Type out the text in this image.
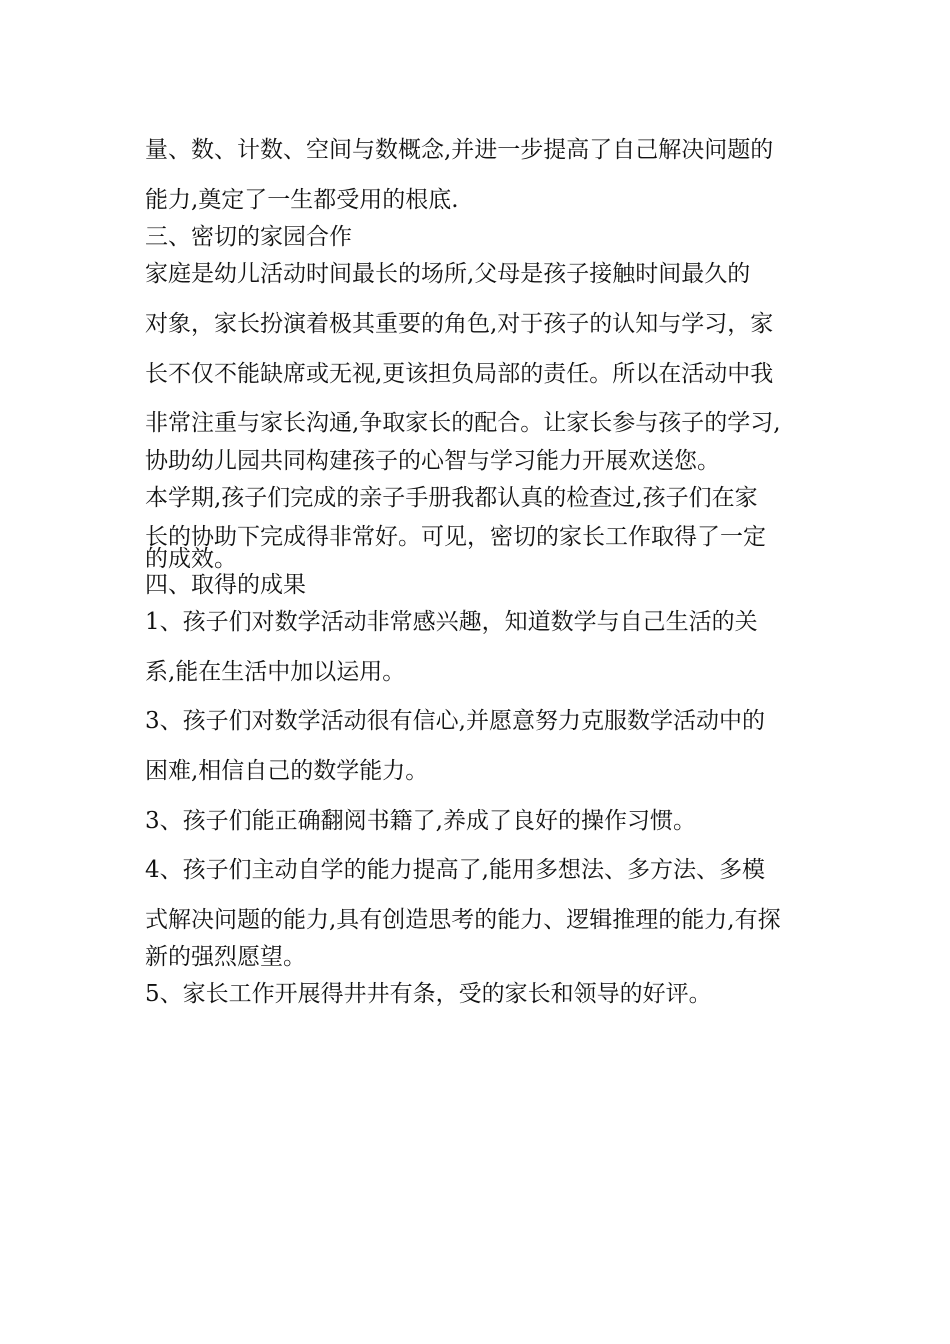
量、数、计数、空间与数概念,并进一步提高了自己解决问题的

能力,奠定了一生都受用的根底.

三、密切的家园合作

家庭是幼儿活动时间最长的场所,父母是孩子接触时间最久的

对象，家长扮演着极其重要的角色,对于孩子的认知与学习，家

长不仅不能缺席或无视,更该担负局部的责任。所以在活动中我

非常注重与家长沟通,争取家长的配合。让家长参与孩子的学习,

协助幼儿园共同构建孩子的心智与学习能力开展欢送您。

本学期,孩子们完成的亲子手册我都认真的检查过,孩子们在家

长的协助下完成得非常好。可见，密切的家长工作取得了一定

的成效。

四、取得的成果

1、孩子们对数学活动非常感兴趣，知道数学与自己生活的关

系,能在生活中加以运用。

3、孩子们对数学活动很有信心,并愿意努力克服数学活动中的

困难,相信自己的数学能力。

3、孩子们能正确翻阅书籍了,养成了良好的操作习惯。

4、孩子们主动自学的能力提高了,能用多想法、多方法、多模

式解决问题的能力,具有创造思考的能力、逻辑推理的能力,有探

新的强烈愿望。

5、家长工作开展得井井有条，受的家长和领导的好评。
